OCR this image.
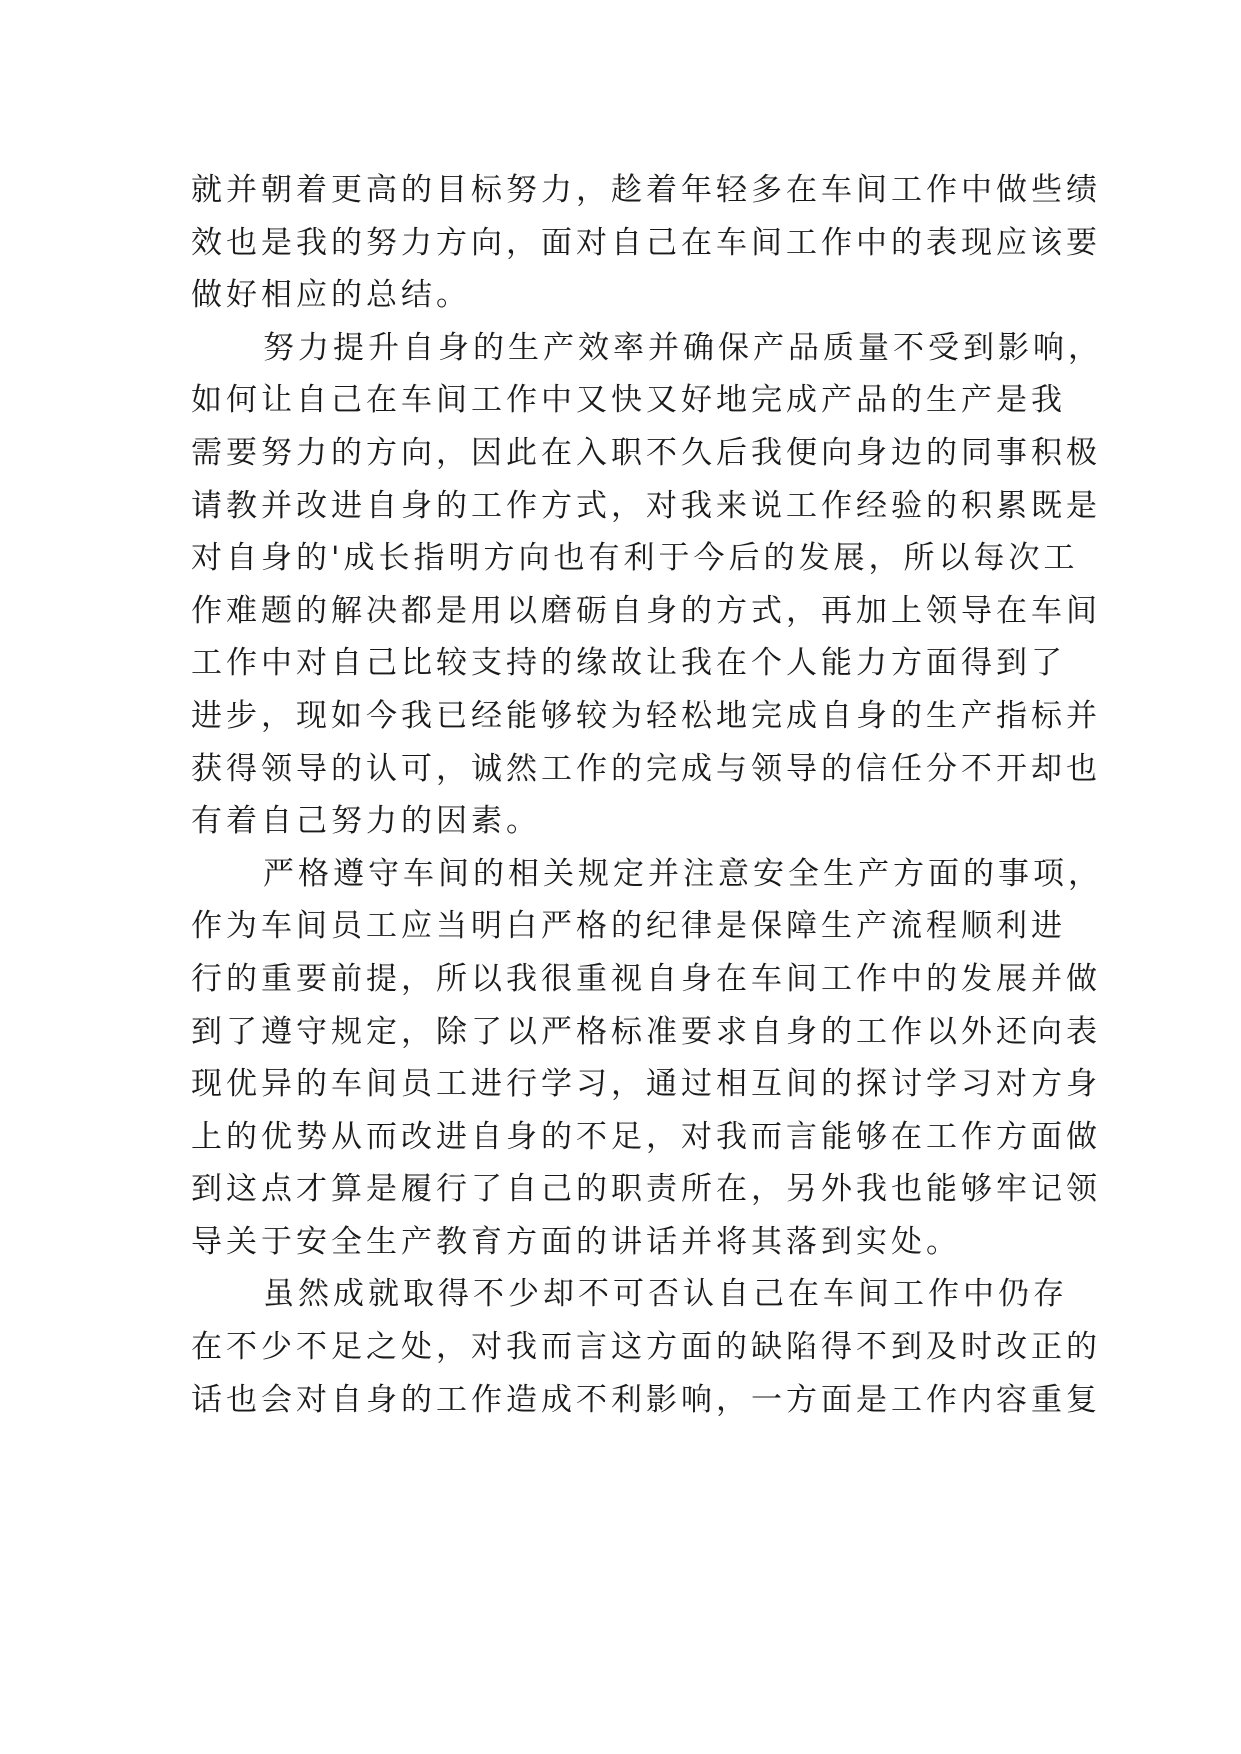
就并朝着更高的目标努力，趁着年轻多在车间工作中做些绩
效也是我的努力方向，面对自己在车间工作中的表现应该要
做好相应的总结。
努力提升自身的生产效率并确保产品质量不受到影响，
如何让自己在车间工作中又快又好地完成产品的生产是我
需要努力的方向，因此在入职不久后我便向身边的同事积极
请教并改进自身的工作方式，对我来说工作经验的积累既是
对自身的'成长指明方向也有利于今后的发展，所以每次工
作难题的解决都是用以磨砺自身的方式，再加上领导在车间
工作中对自己比较支持的缘故让我在个人能力方面得到了
进步，现如今我已经能够较为轻松地完成自身的生产指标并
获得领导的认可，诚然工作的完成与领导的信任分不开却也
有着自己努力的因素。
严格遵守车间的相关规定并注意安全生产方面的事项，
作为车间员工应当明白严格的纪律是保障生产流程顺利进
行的重要前提，所以我很重视自身在车间工作中的发展并做
到了遵守规定，除了以严格标准要求自身的工作以外还向表
现优异的车间员工进行学习，通过相互间的探讨学习对方身
上的优势从而改进自身的不足，对我而言能够在工作方面做
到这点才算是履行了自己的职责所在，另外我也能够牢记领
导关于安全生产教育方面的讲话并将其落到实处。
虽然成就取得不少却不可否认自己在车间工作中仍存
在不少不足之处，对我而言这方面的缺陷得不到及时改正的
话也会对自身的工作造成不利影响，一方面是工作内容重复
